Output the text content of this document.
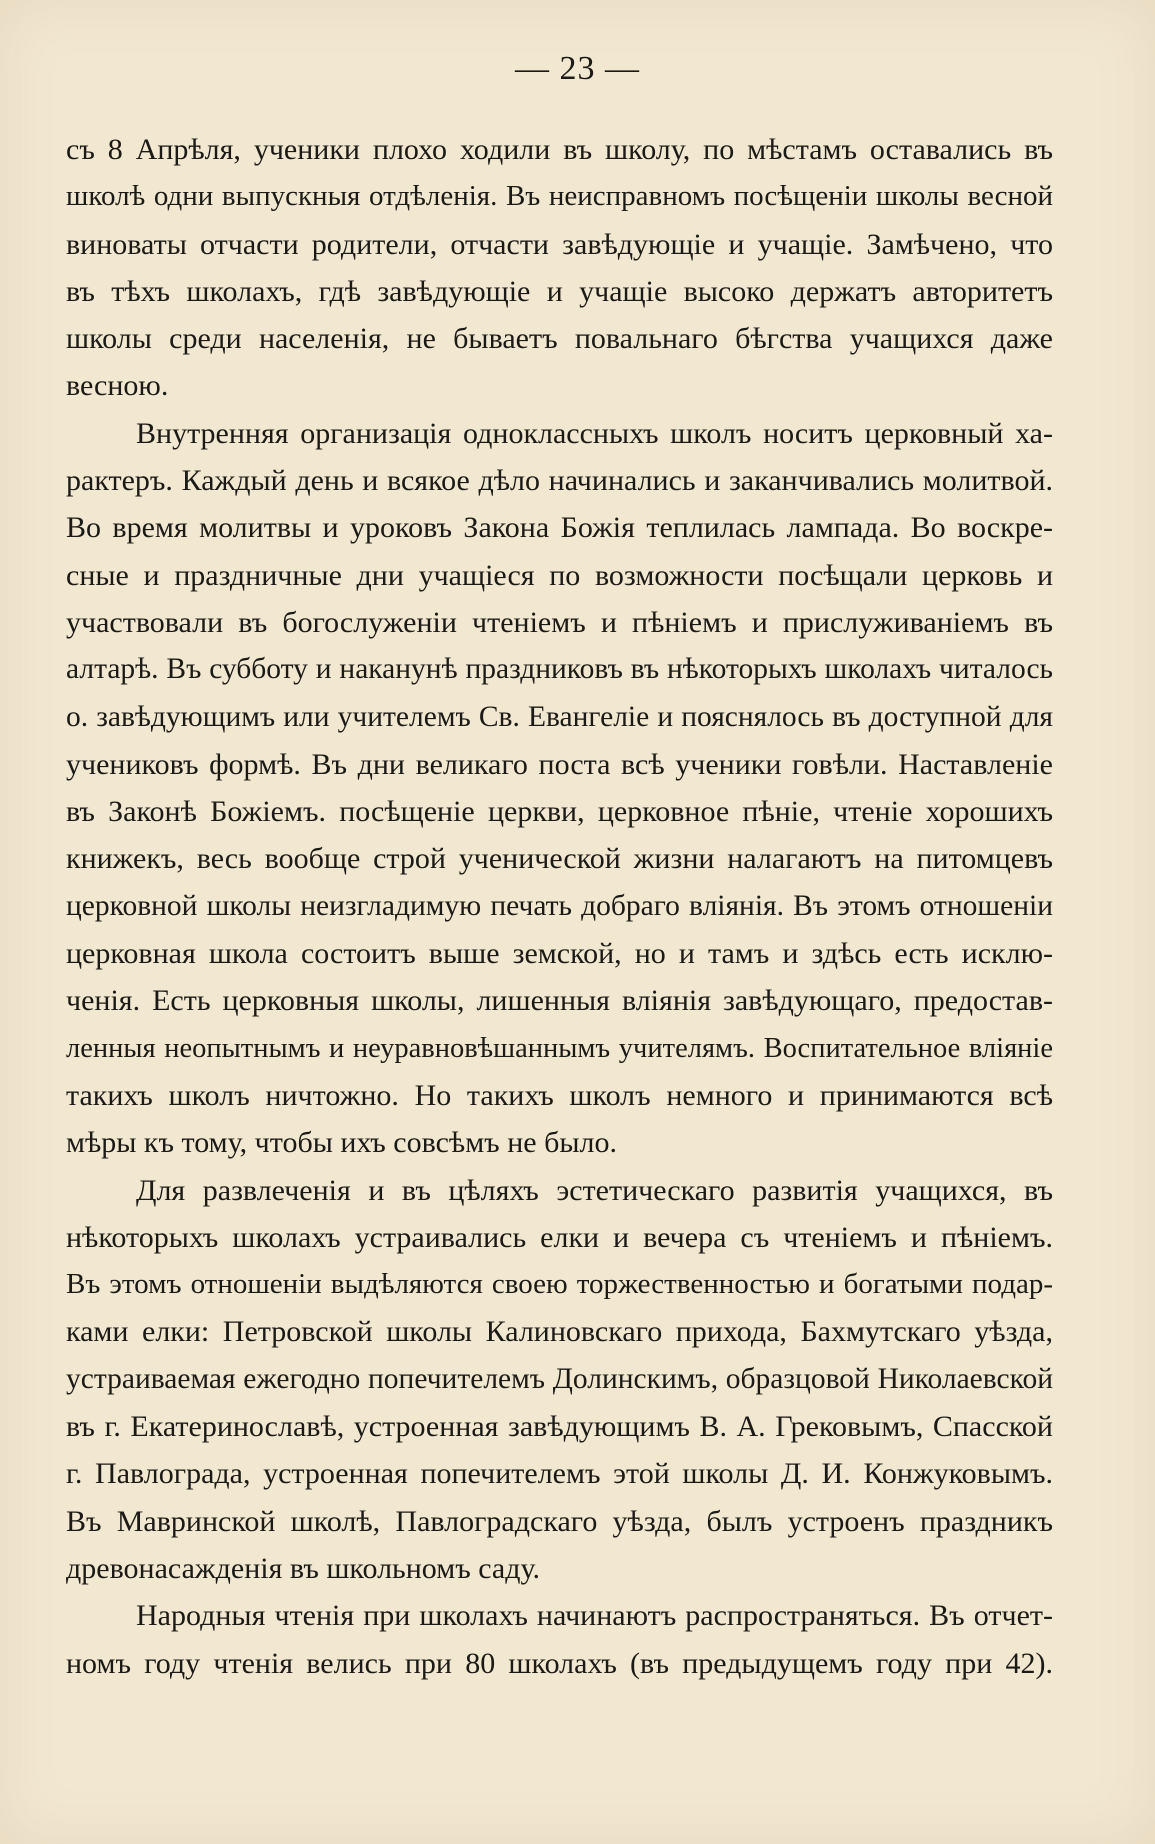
— 23 —
съ 8 Апрѣля, ученики плохо ходили въ школу, по мѣстамъ оставались въ
школѣ одни выпускныя отдѣленія. Въ неисправномъ посѣщеніи школы весной
виноваты отчасти родители, отчасти завѣдующіе и учащіе. Замѣчено, что
въ тѣхъ школахъ, гдѣ завѣдующіе и учащіе высоко держатъ авторитетъ
школы среди населенія, не бываетъ повальнаго бѣгства учащихся даже
весною.
Внутренняя организація одноклассныхъ школъ носитъ церковный ха-
рактеръ. Каждый день и всякое дѣло начинались и заканчивались молитвой.
Во время молитвы и уроковъ Закона Божія теплилась лампада. Во воскре-
сные и праздничные дни учащіеся по возможности посѣщали церковь и
участвовали въ богослуженіи чтеніемъ и пѣніемъ и прислуживаніемъ въ
алтарѣ. Въ субботу и наканунѣ праздниковъ въ нѣкоторыхъ школахъ читалось
о. завѣдующимъ или учителемъ Св. Евангеліе и пояснялось въ доступной для
учениковъ формѣ. Въ дни великаго поста всѣ ученики говѣли. Наставленіе
въ Законѣ Божіемъ. посѣщеніе церкви, церковное пѣніе, чтеніе хорошихъ
книжекъ, весь вообще строй ученической жизни налагаютъ на питомцевъ
церковной школы неизгладимую печать добраго вліянія. Въ этомъ отношеніи
церковная школа состоитъ выше земской, но и тамъ и здѣсь есть исклю-
ченія. Есть церковныя школы, лишенныя вліянія завѣдующаго, предостав-
ленныя неопытнымъ и неуравновѣшаннымъ учителямъ. Воспитательное вліяніе
такихъ школъ ничтожно. Но такихъ школъ немного и принимаются всѣ
мѣры къ тому, чтобы ихъ совсѣмъ не было.
Для развлеченія и въ цѣляхъ эстетическаго развитія учащихся, въ
нѣкоторыхъ школахъ устраивались елки и вечера съ чтеніемъ и пѣніемъ.
Въ этомъ отношеніи выдѣляются своею торжественностью и богатыми подар-
ками елки: Петровской школы Калиновскаго прихода, Бахмутскаго уѣзда,
устраиваемая ежегодно попечителемъ Долинскимъ, образцовой Николаевской
въ г. Екатеринославѣ, устроенная завѣдующимъ В. А. Грековымъ, Спасской
г. Павлограда, устроенная попечителемъ этой школы Д. И. Конжуковымъ.
Въ Мавринской школѣ, Павлоградскаго уѣзда, былъ устроенъ праздникъ
древонасажденія въ школьномъ саду.
Народныя чтенія при школахъ начинаютъ распространяться. Въ отчет-
номъ году чтенія велись при 80 школахъ (въ предыдущемъ году при 42).
